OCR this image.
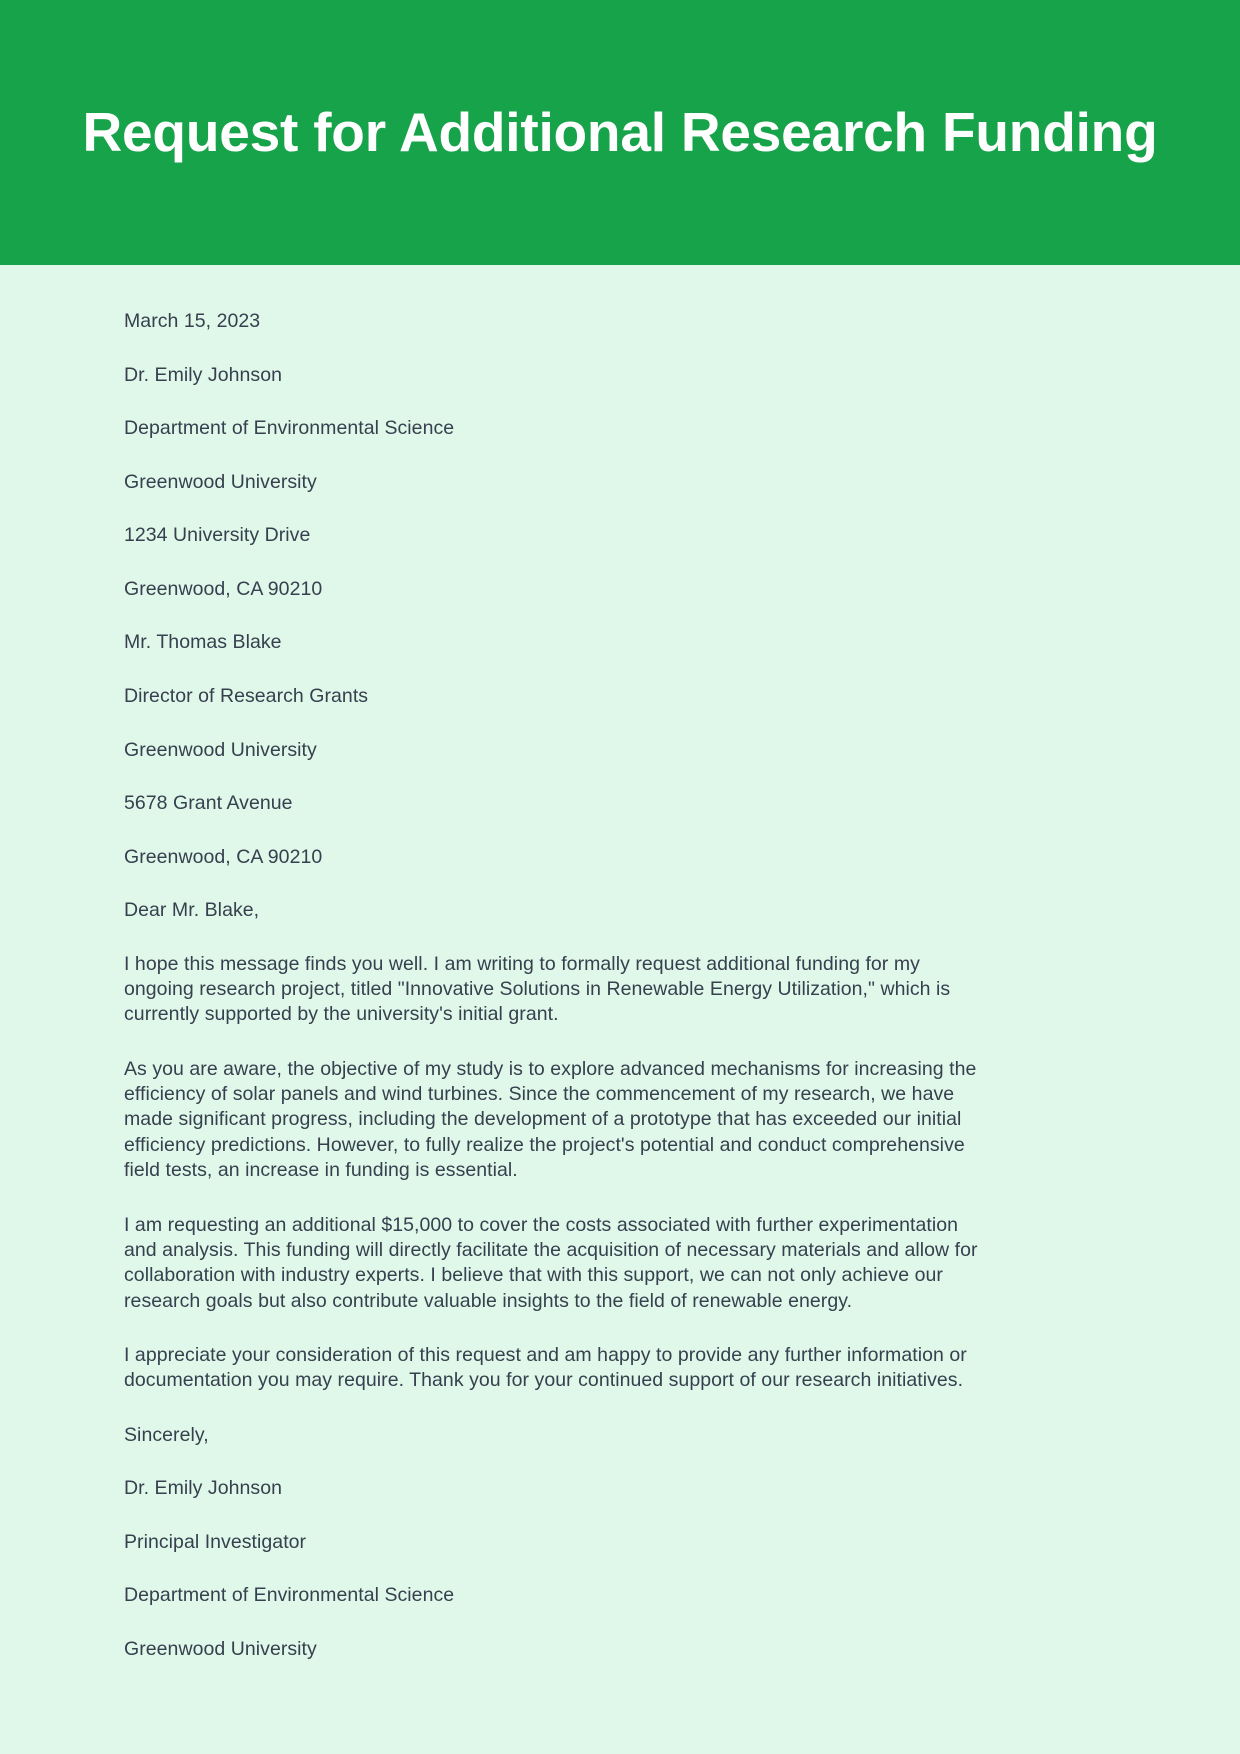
Request for Additional Research Funding

March 15, 2023

Dr. Emily Johnson

Department of Environmental Science

Greenwood University

1234 University Drive

Greenwood, CA 90210

Mr. Thomas Blake

Director of Research Grants

Greenwood University

5678 Grant Avenue

Greenwood, CA 90210

Dear Mr. Blake,

I hope this message finds you well. I am writing to formally request additional funding for my ongoing research project, titled "Innovative Solutions in Renewable Energy Utilization," which is currently supported by the university's initial grant.

As you are aware, the objective of my study is to explore advanced mechanisms for increasing the efficiency of solar panels and wind turbines. Since the commencement of my research, we have made significant progress, including the development of a prototype that has exceeded our initial efficiency predictions. However, to fully realize the project's potential and conduct comprehensive field tests, an increase in funding is essential.

I am requesting an additional $15,000 to cover the costs associated with further experimentation and analysis. This funding will directly facilitate the acquisition of necessary materials and allow for collaboration with industry experts. I believe that with this support, we can not only achieve our research goals but also contribute valuable insights to the field of renewable energy.

I appreciate your consideration of this request and am happy to provide any further information or documentation you may require. Thank you for your continued support of our research initiatives.

Sincerely,

Dr. Emily Johnson

Principal Investigator

Department of Environmental Science

Greenwood University
